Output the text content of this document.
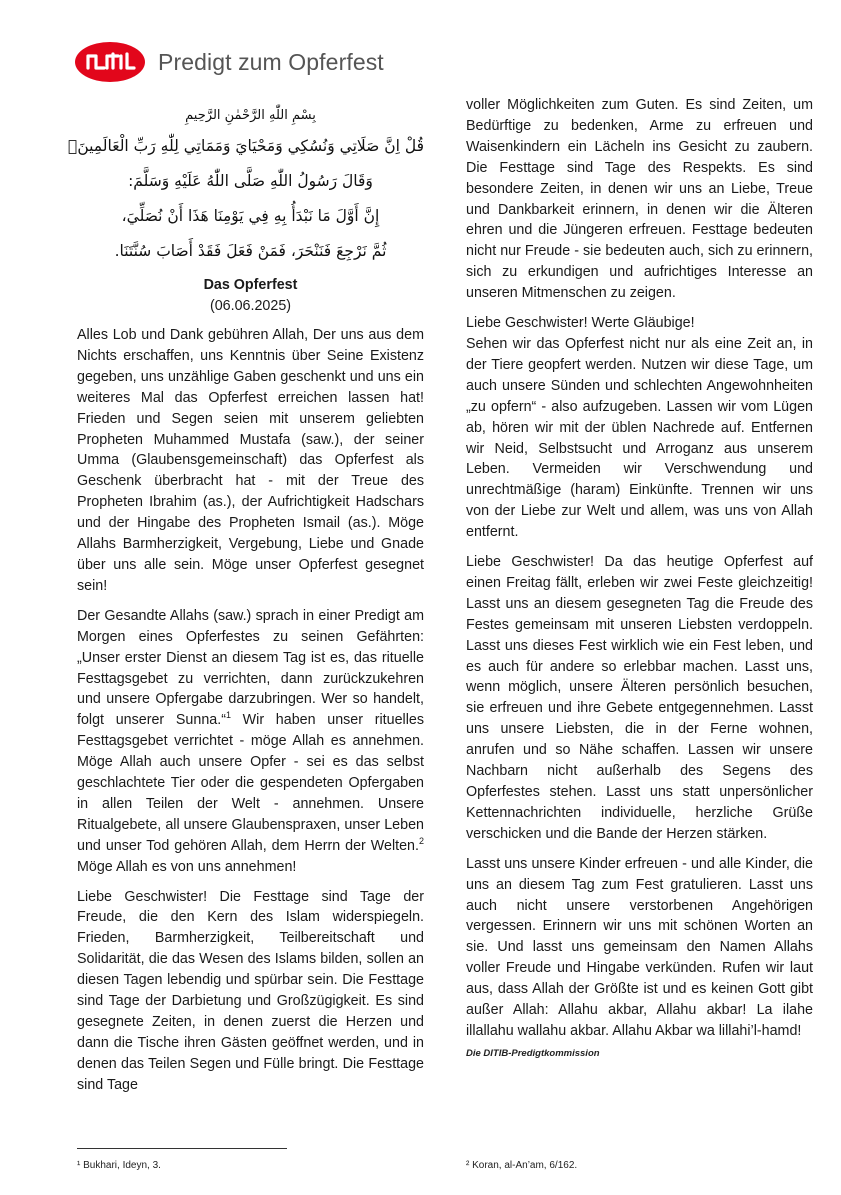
Predigt zum Opferfest
بِسْمِ اللّٰهِ الرَّحْمٰنِ الرَّحِيمِ
قُلْ اِنَّ صَلَاتِي وَنُسُكِي وَمَحْيَايَ وَمَمَاتِي لِلّٰهِ رَبِّ الْعَالَمِينَۙ
وَقَالَ رَسُولُ اللّٰهِ صَلَّى اللّٰهُ عَلَيْهِ وَسَلَّمَ:
إِنَّ أَوَّلَ مَا نَبْدَأُ بِهِ فِي يَوْمِنَا هَذَا أَنْ نُصَلِّيَ،
ثُمَّ نَرْجِعَ فَنَنْحَرَ، فَمَنْ فَعَلَ فَقَدْ أَصَابَ سُنَّتَنَا.
Das Opferfest
(06.06.2025)

Alles Lob und Dank gebühren Allah, Der uns aus dem Nichts erschaffen, uns Kenntnis über Seine Existenz gegeben, uns unzählige Gaben geschenkt und uns ein weiteres Mal das Opferfest erreichen lassen hat! Frieden und Segen seien mit unserem geliebten Propheten Muhammed Mustafa (saw.), der seiner Umma (Glaubensgemeinschaft) das Opferfest als Geschenk überbracht hat - mit der Treue des Propheten Ibrahim (as.), der Aufrichtigkeit Hadschars und der Hingabe des Propheten Ismail (as.). Möge Allahs Barmherzigkeit, Vergebung, Liebe und Gnade über uns alle sein. Möge unser Opferfest gesegnet sein!

Der Gesandte Allahs (saw.) sprach in einer Predigt am Morgen eines Opferfestes zu seinen Gefährten: „Unser erster Dienst an diesem Tag ist es, das rituelle Festtagsgebet zu verrichten, dann zurückzukehren und unsere Opfergabe darzubringen. Wer so handelt, folgt unserer Sunna.“$^1$ Wir haben unser rituelles Festtagsgebet verrichtet - möge Allah es annehmen. Möge Allah auch unsere Opfer - sei es das selbst geschlachtete Tier oder die gespendeten Opfergaben in allen Teilen der Welt - annehmen. Unsere Ritualgebete, all unsere Glaubenspraxen, unser Leben und unser Tod gehören Allah, dem Herrn der Welten.$^2$ Möge Allah es von uns annehmen!

Liebe Geschwister! Die Festtage sind Tage der Freude, die den Kern des Islam widerspiegeln. Frieden, Barmherzigkeit, Teilbereitschaft und Solidarität, die das Wesen des Islams bilden, sollen an diesen Tagen lebendig und spürbar sein. Die Festtage sind Tage der Darbietung und Großzügigkeit. Es sind gesegnete Zeiten, in denen zuerst die Herzen und dann die Tische ihren Gästen geöffnet werden, und in denen das Teilen Segen und Fülle bringt. Die Festtage sind Tage

voller Möglichkeiten zum Guten. Es sind Zeiten, um Bedürftige zu bedenken, Arme zu erfreuen und Waisenkindern ein Lächeln ins Gesicht zu zaubern. Die Festtage sind Tage des Respekts. Es sind besondere Zeiten, in denen wir uns an Liebe, Treue und Dankbarkeit erinnern, in denen wir die Älteren ehren und die Jüngeren erfreuen. Festtage bedeuten nicht nur Freude - sie bedeuten auch, sich zu erinnern, sich zu erkundigen und aufrichtiges Interesse an unseren Mitmenschen zu zeigen.

Liebe Geschwister! Werte Gläubige!

Sehen wir das Opferfest nicht nur als eine Zeit an, in der Tiere geopfert werden. Nutzen wir diese Tage, um auch unsere Sünden und schlechten Angewohnheiten „zu opfern“ - also aufzugeben. Lassen wir vom Lügen ab, hören wir mit der üblen Nachrede auf. Entfernen wir Neid, Selbstsucht und Arroganz aus unserem Leben. Vermeiden wir Verschwendung und unrechtmäßige (haram) Einkünfte. Trennen wir uns von der Liebe zur Welt und allem, was uns von Allah entfernt.

Liebe Geschwister! Da das heutige Opferfest auf einen Freitag fällt, erleben wir zwei Feste gleichzeitig! Lasst uns an diesem gesegneten Tag die Freude des Festes gemeinsam mit unseren Liebsten verdoppeln. Lasst uns dieses Fest wirklich wie ein Fest leben, und es auch für andere so erlebbar machen. Lasst uns, wenn möglich, unsere Älteren persönlich besuchen, sie erfreuen und ihre Gebete entgegennehmen. Lasst uns unsere Liebsten, die in der Ferne wohnen, anrufen und so Nähe schaffen. Lassen wir unsere Nachbarn nicht außerhalb des Segens des Opferfestes stehen. Lasst uns statt unpersönlicher Kettennachrichten individuelle, herzliche Grüße verschicken und die Bande der Herzen stärken.

Lasst uns unsere Kinder erfreuen - und alle Kinder, die uns an diesem Tag zum Fest gratulieren. Lasst uns auch nicht unsere verstorbenen Angehörigen vergessen. Erinnern wir uns mit schönen Worten an sie. Und lasst uns gemeinsam den Namen Allahs voller Freude und Hingabe verkünden. Rufen wir laut aus, dass Allah der Größte ist und es keinen Gott gibt außer Allah: Allahu akbar, Allahu akbar! La ilahe illallahu wallahu akbar. Allahu Akbar wa lillahi’l-hamd!

Die DITIB-Predigtkommission
¹ Bukhari, Ideyn, 3.	² Koran, al-An’am, 6/162.
